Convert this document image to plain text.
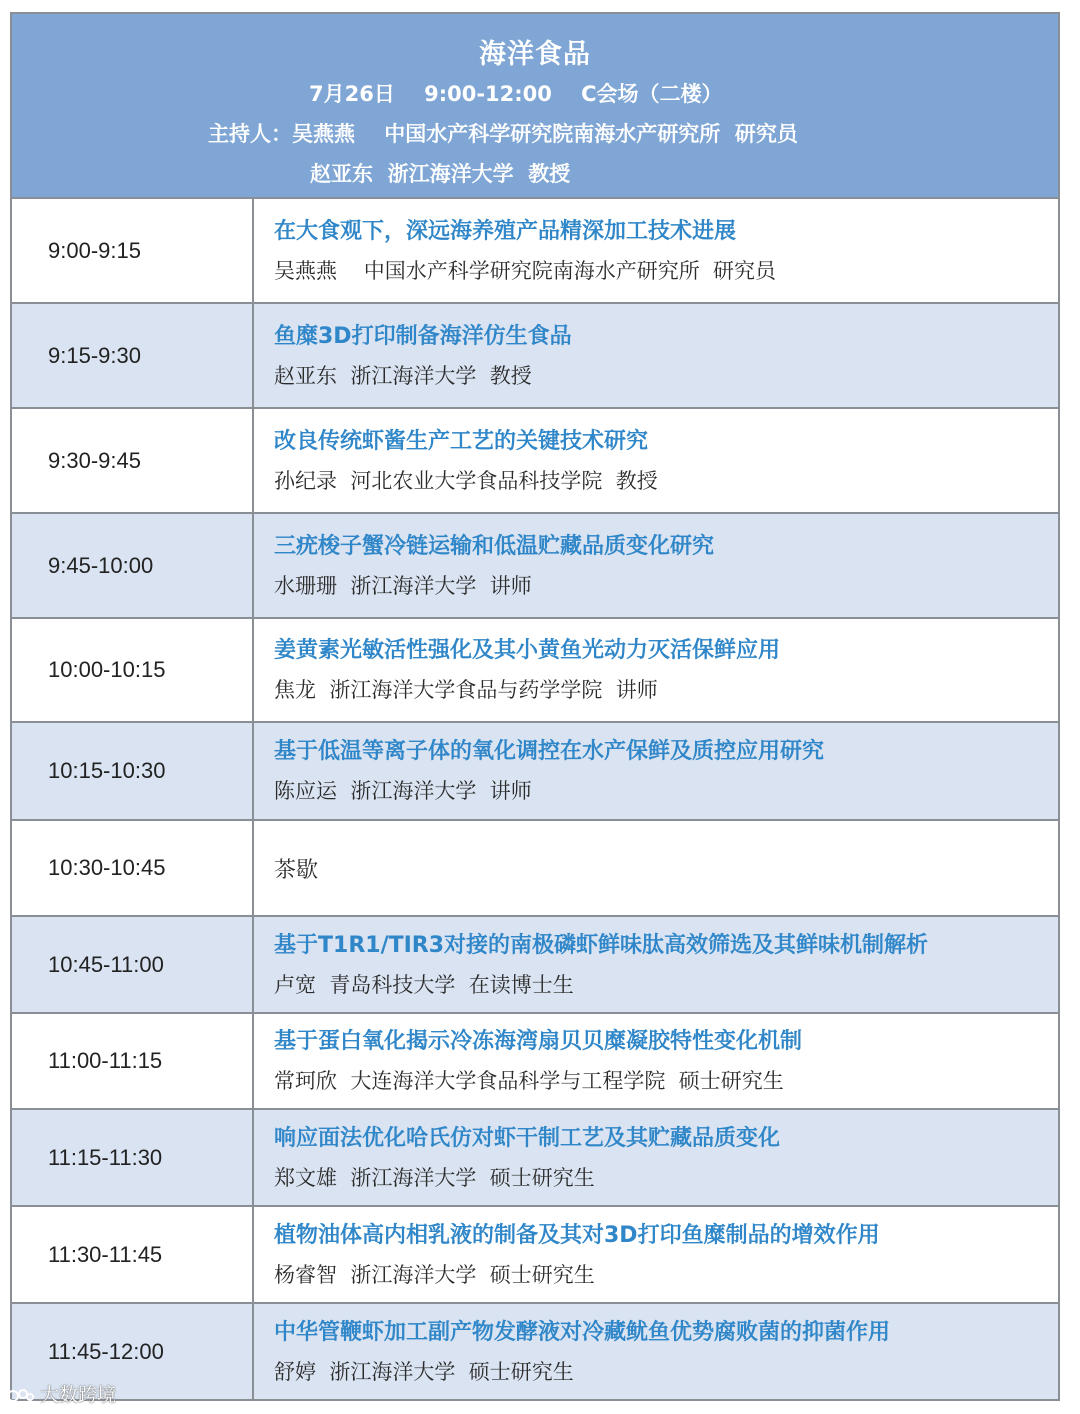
海洋食品
7月26日    9:00-12:00    C会场（二楼）
主持人：吴燕燕    中国水产科学研究院南海水产研究所  研究员
赵亚东  浙江海洋大学  教授
9:00-9:15	在大食观下，深远海养殖产品精深加工技术进展
吴燕燕    中国水产科学研究院南海水产研究所  研究员

9:15-9:30	鱼糜3D打印制备海洋仿生食品
赵亚东  浙江海洋大学  教授

9:30-9:45	改良传统虾酱生产工艺的关键技术研究
孙纪录  河北农业大学食品科技学院  教授

9:45-10:00	三疣梭子蟹冷链运输和低温贮藏品质变化研究
水珊珊  浙江海洋大学  讲师

10:00-10:15	姜黄素光敏活性强化及其小黄鱼光动力灭活保鲜应用
焦龙  浙江海洋大学食品与药学学院  讲师

10:15-10:30	基于低温等离子体的氧化调控在水产保鲜及质控应用研究
陈应运  浙江海洋大学  讲师

10:30-10:45	茶歇

10:45-11:00	基于T1R1/TIR3对接的南极磷虾鲜味肽高效筛选及其鲜味机制解析
卢宽  青岛科技大学  在读博士生

11:00-11:15	基于蛋白氧化揭示冷冻海湾扇贝贝糜凝胶特性变化机制
常珂欣  大连海洋大学食品科学与工程学院  硕士研究生

11:15-11:30	响应面法优化哈氏仿对虾干制工艺及其贮藏品质变化
郑文雄  浙江海洋大学  硕士研究生

11:30-11:45	植物油体高内相乳液的制备及其对3D打印鱼糜制品的增效作用
杨睿智  浙江海洋大学  硕士研究生

11:45-12:00	中华管鞭虾加工副产物发酵液对冷藏鱿鱼优势腐败菌的抑菌作用
舒婷  浙江海洋大学  硕士研究生
大数跨境
